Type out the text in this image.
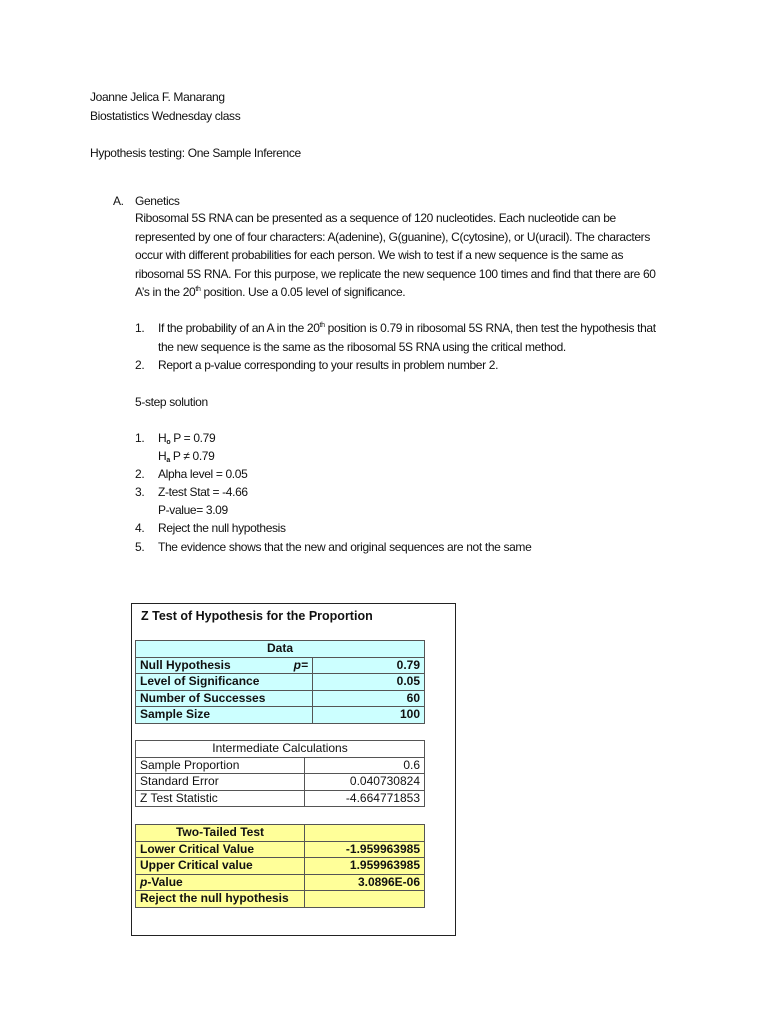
Joanne Jelica F. Manarang
Biostatistics Wednesday class
Hypothesis testing: One Sample Inference
A. Genetics
Ribosomal 5S RNA can be presented as a sequence of 120 nucleotides. Each nucleotide can be
represented by one of four characters: A(adenine), G(guanine), C(cytosine), or U(uracil). The characters
occur with different probabilities for each person. We wish to test if a new sequence is the same as
ribosomal 5S RNA. For this purpose, we replicate the new sequence 100 times and find that there are 60
A’s in the 20th position. Use a 0.05 level of significance.
1. If the probability of an A in the 20th position is 0.79 in ribosomal 5S RNA, then test the hypothesis that
the new sequence is the same as the ribosomal 5S RNA using the critical method.
2. Report a p-value corresponding to your results in problem number 2.
5-step solution
1. $H_o$ P = 0.79
$H_a$ P ≠ 0.79
2. Alpha level = 0.05
3. Z-test Stat = -4.66
P-value= 3.09
4. Reject the null hypothesis
5. The evidence shows that the new and original sequences are not the same
Z Test of Hypothesis for the Proportion
Data		
Null Hypothesis	p=	0.79
Level of Significance		0.05
Number of Successes		60
Sample Size		100
Intermediate Calculations	
Sample Proportion	0.6
Standard Error	0.040730824
Z Test Statistic	-4.664771853
Two-Tailed Test	
Lower Critical Value	-1.959963985
Upper Critical value	1.959963985
p-Value	3.0896E-06
Reject the null hypothesis	
